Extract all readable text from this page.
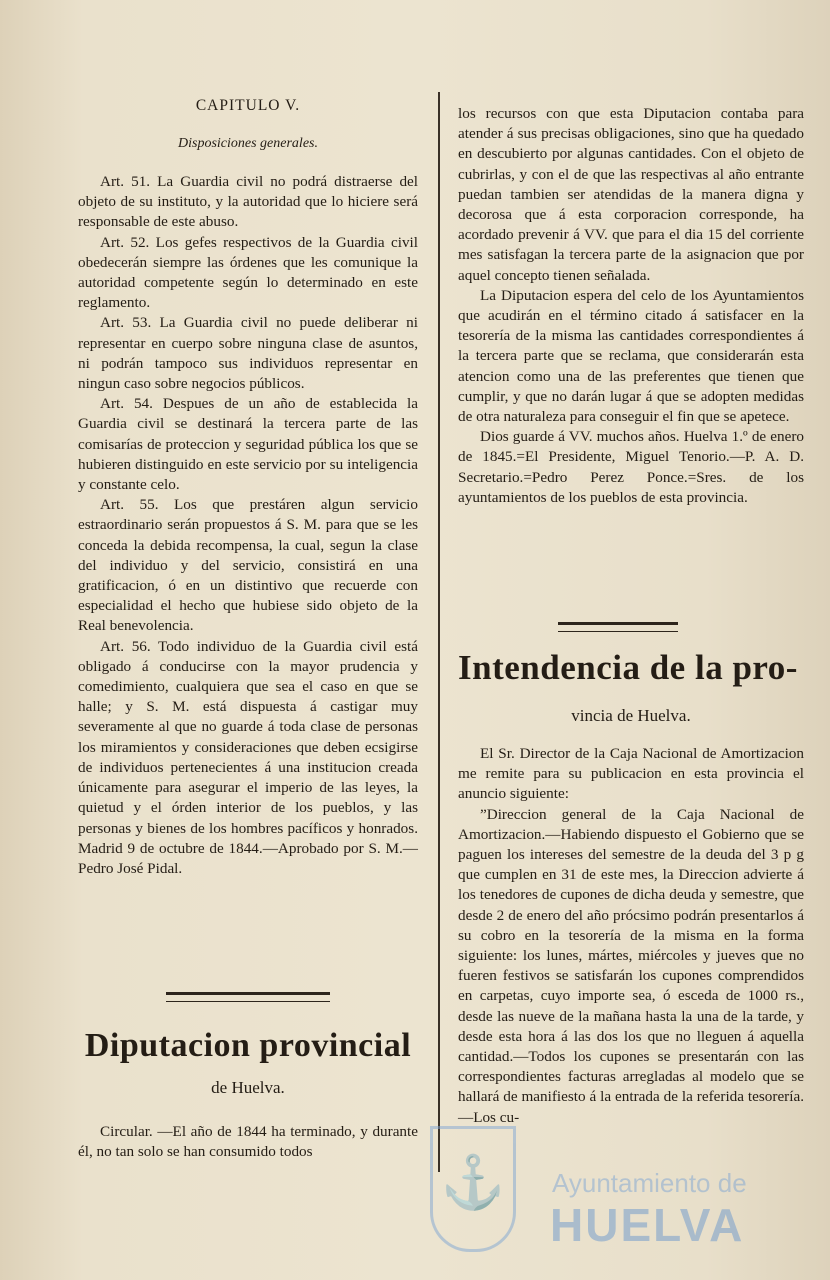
CAPITULO V.
Disposiciones generales.

Art. 51. La Guardia civil no podrá distraerse del objeto de su instituto, y la autoridad que lo hiciere será responsable de este abuso.

Art. 52. Los gefes respectivos de la Guardia civil obedecerán siempre las órdenes que les comunique la autoridad competente según lo determinado en este reglamento.

Art. 53. La Guardia civil no puede deliberar ni representar en cuerpo sobre ninguna clase de asuntos, ni podrán tampoco sus individuos representar en ningun caso sobre negocios públicos.

Art. 54. Despues de un año de establecida la Guardia civil se destinará la tercera parte de las comisarías de proteccion y seguridad pública los que se hubieren distinguido en este servicio por su inteligencia y constante celo.

Art. 55. Los que prestáren algun servicio estraordinario serán propuestos á S. M. para que se les conceda la debida recompensa, la cual, segun la clase del individuo y del servicio, consistirá en una gratificacion, ó en un distintivo que recuerde con especialidad el hecho que hubiese sido objeto de la Real benevolencia.

Art. 56. Todo individuo de la Guardia civil está obligado á conducirse con la mayor prudencia y comedimiento, cualquiera que sea el caso en que se halle; y S. M. está dispuesta á castigar muy severamente al que no guarde á toda clase de personas los miramientos y consideraciones que deben ecsigirse de individuos pertenecientes á una institucion creada únicamente para asegurar el imperio de las leyes, la quietud y el órden interior de los pueblos, y las personas y bienes de los hombres pacíficos y honrados. Madrid 9 de octubre de 1844.—Aprobado por S. M.—Pedro José Pidal.

Diputacion provincial
de Huelva.

Circular. —El año de 1844 ha terminado, y durante él, no tan solo se han consumido todos

los recursos con que esta Diputacion contaba para atender á sus precisas obligaciones, sino que ha quedado en descubierto por algunas cantidades. Con el objeto de cubrirlas, y con el de que las respectivas al año entrante puedan tambien ser atendidas de la manera digna y decorosa que á esta corporacion corresponde, ha acordado prevenir á VV. que para el dia 15 del corriente mes satisfagan la tercera parte de la asignacion que por aquel concepto tienen señalada.

La Diputacion espera del celo de los Ayuntamientos que acudirán en el término citado á satisfacer en la tesorería de la misma las cantidades correspondientes á la tercera parte que se reclama, que considerarán esta atencion como una de las preferentes que tienen que cumplir, y que no darán lugar á que se adopten medidas de otra naturaleza para conseguir el fin que se apetece.

Dios guarde á VV. muchos años. Huelva 1.º de enero de 1845.=El Presidente, Miguel Tenorio.—P. A. D. Secretario.=Pedro Perez Ponce.=Sres. de los ayuntamientos de los pueblos de esta provincia.

Intendencia de la pro-
vincia de Huelva.

El Sr. Director de la Caja Nacional de Amortizacion me remite para su publicacion en esta provincia el anuncio siguiente:

”Direccion general de la Caja Nacional de Amortizacion.—Habiendo dispuesto el Gobierno que se paguen los intereses del semestre de la deuda del 3 p g que cumplen en 31 de este mes, la Direccion advierte á los tenedores de cupones de dicha deuda y semestre, que desde 2 de enero del año prócsimo podrán presentarlos á su cobro en la tesorería de la misma en la forma siguiente: los lunes, mártes, miércoles y jueves que no fueren festivos se satisfarán los cupones comprendidos en carpetas, cuyo importe sea, ó esceda de 1000 rs., desde las nueve de la mañana hasta la una de la tarde, y desde esta hora á las dos los que no lleguen á aquella cantidad.—Todos los cupones se presentarán con las correspondientes facturas arregladas al modelo que se hallará de manifiesto á la entrada de la referida tesorería.—Los cu-

⚓	Ayuntamiento de
HUELVA
